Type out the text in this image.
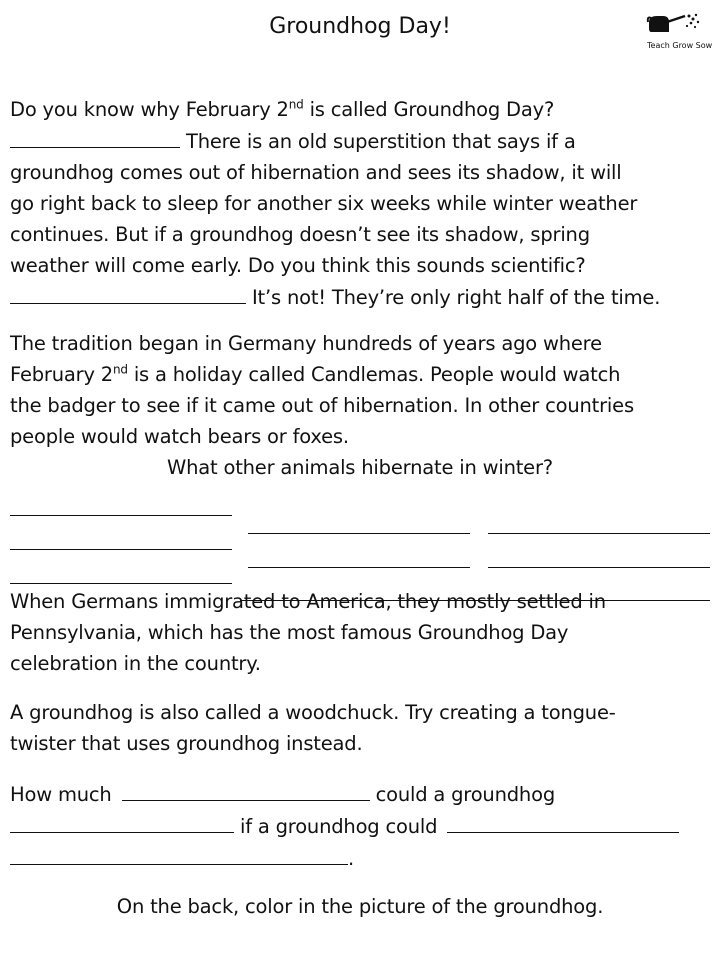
Groundhog Day!
Teach Grow Sow
Do you know why February 2nd is called Groundhog Day?
There is an old superstition that says if a
groundhog comes out of hibernation and sees its shadow, it will
go right back to sleep for another six weeks while winter weather
continues. But if a groundhog doesn’t see its shadow, spring
weather will come early. Do you think this sounds scientific?
It’s not! They’re only right half of the time.
The tradition began in Germany hundreds of years ago where
February 2nd is a holiday called Candlemas. People would watch
the badger to see if it came out of hibernation. In other countries
people would watch bears or foxes.
What other animals hibernate in winter?
When Germans immigrated to America, they mostly settled in
Pennsylvania, which has the most famous Groundhog Day
celebration in the country.
A groundhog is also called a woodchuck. Try creating a tongue-
twister that uses groundhog instead.
How much	could a groundhog
if a groundhog could
.
On the back, color in the picture of the groundhog.
